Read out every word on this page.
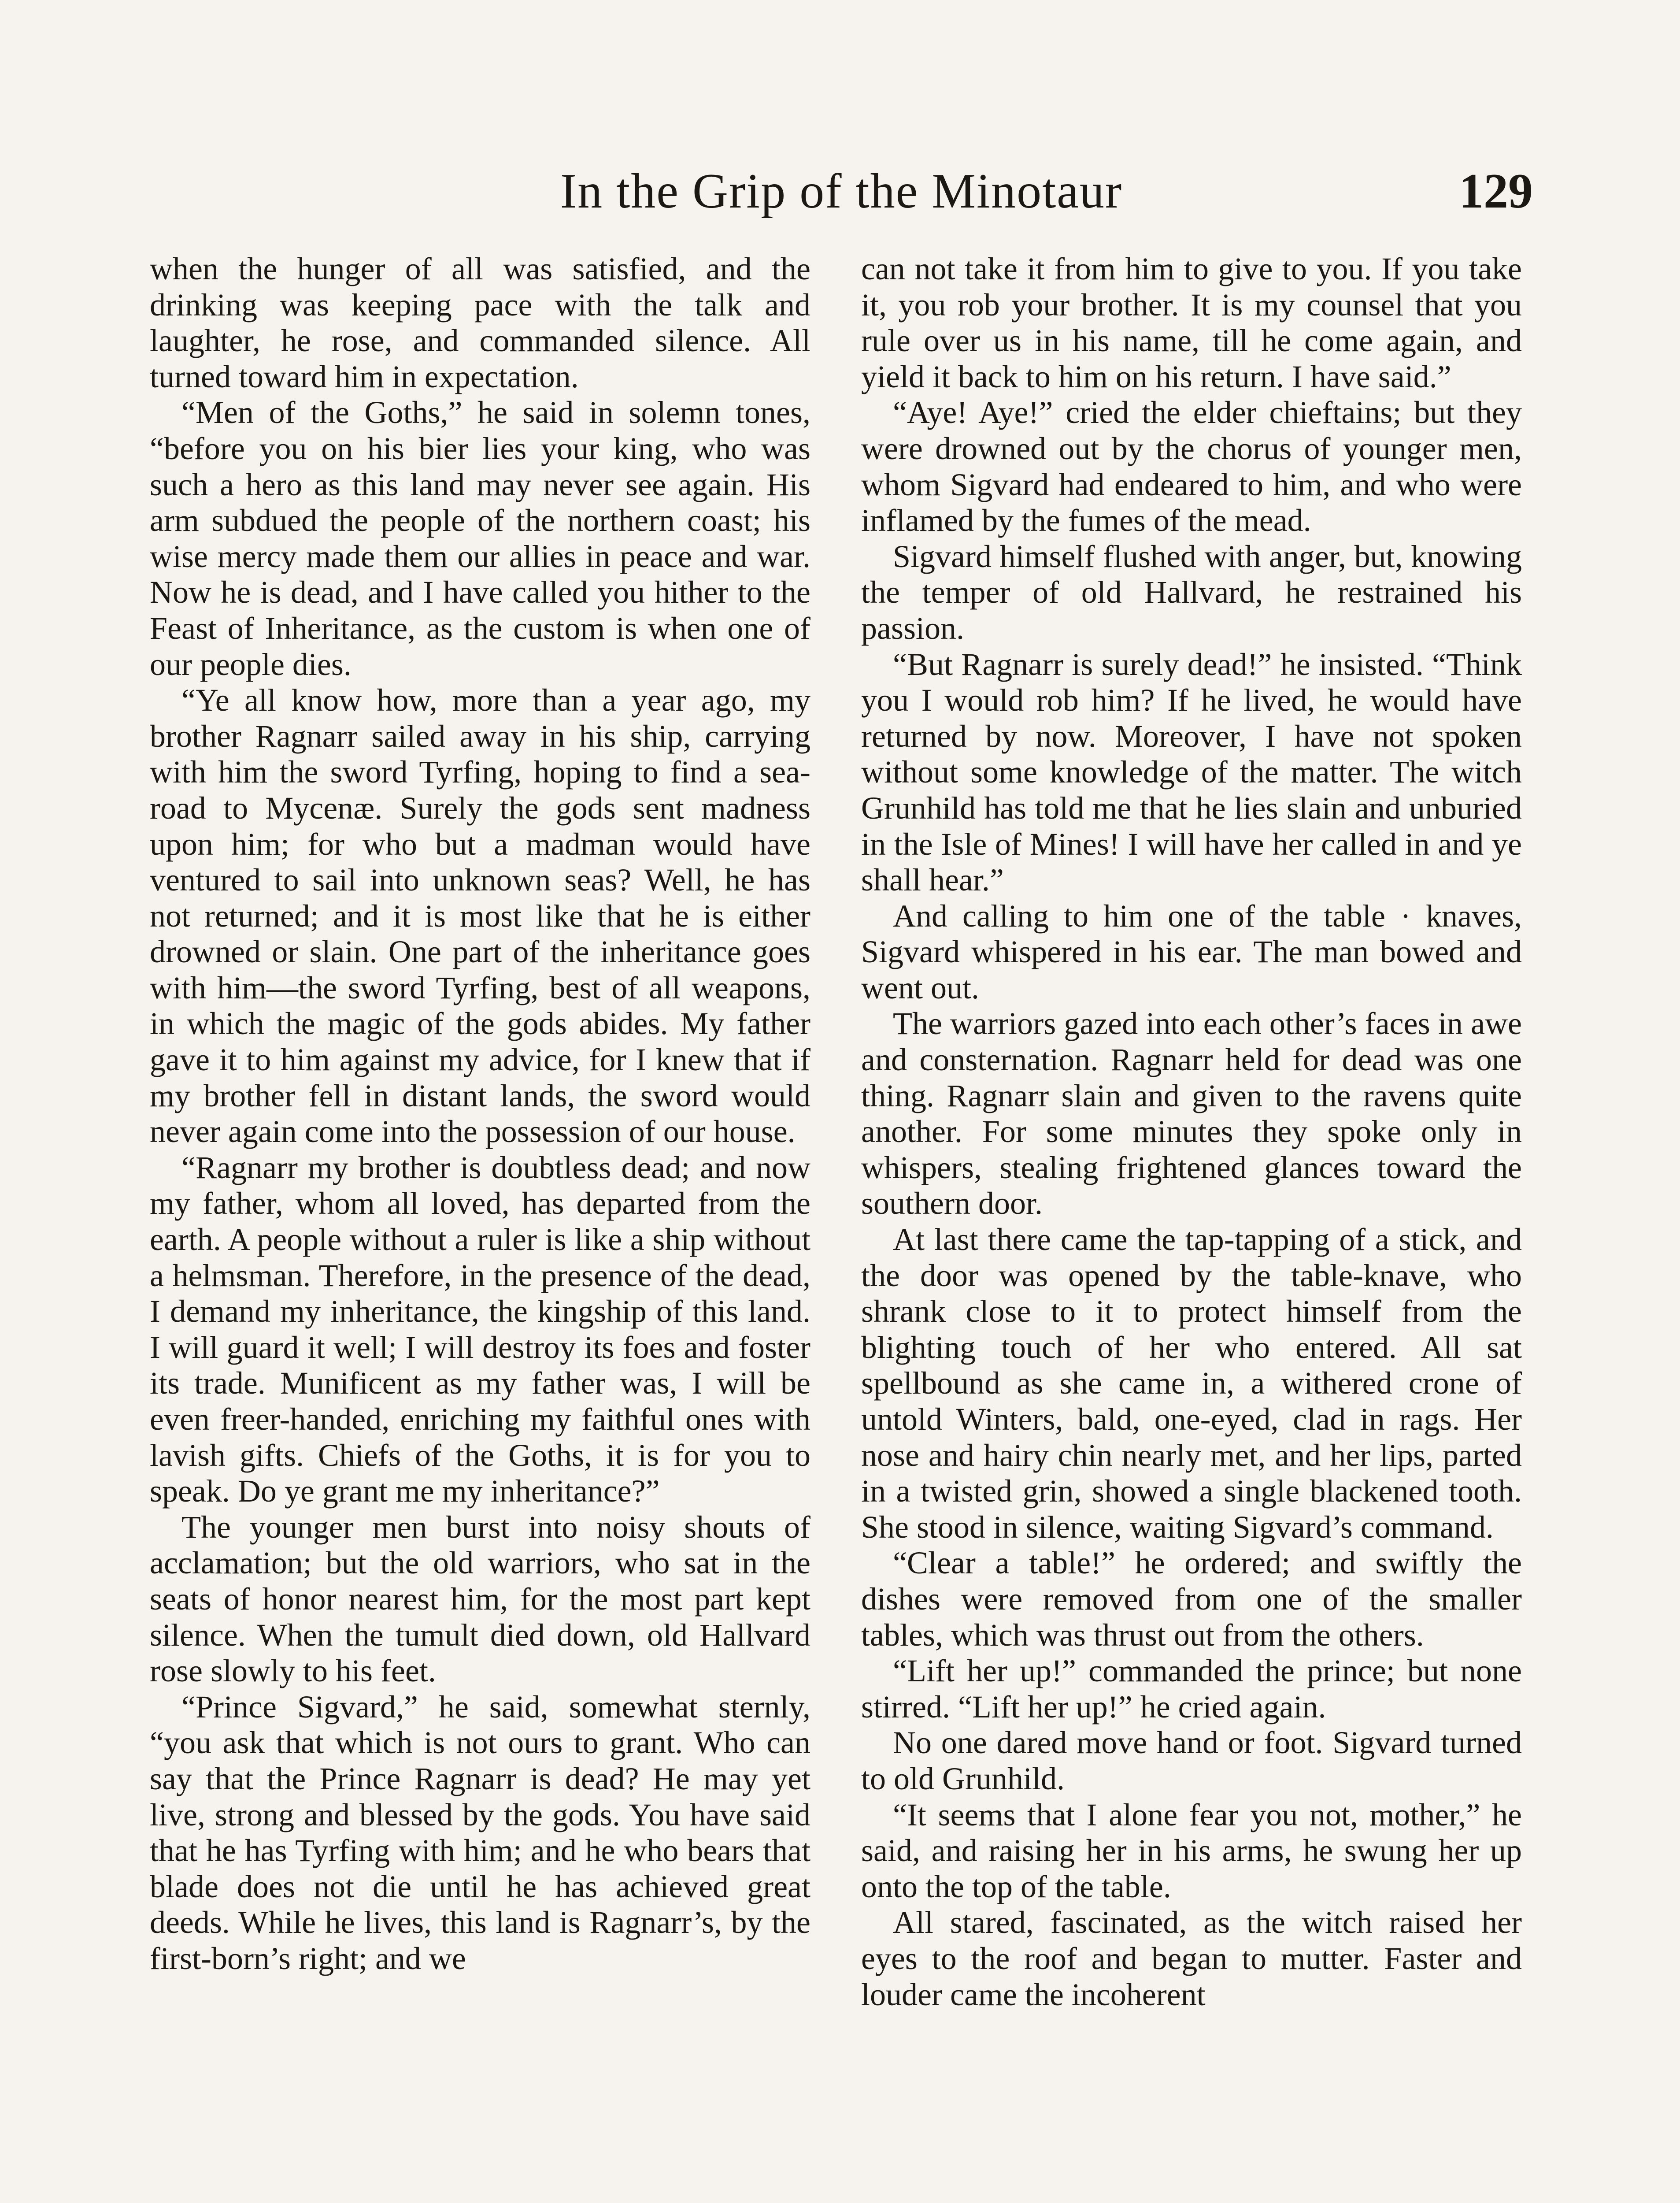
In the Grip of the Minotaur	129

when the hunger of all was satisfied, and the drinking was keeping pace with the talk and laughter, he rose, and commanded silence. All turned toward him in expectation.

“Men of the Goths,” he said in solemn tones, “before you on his bier lies your king, who was such a hero as this land may never see again. His arm subdued the people of the northern coast; his wise mercy made them our allies in peace and war. Now he is dead, and I have called you hither to the Feast of Inheritance, as the custom is when one of our people dies.

“Ye all know how, more than a year ago, my brother Ragnarr sailed away in his ship, carrying with him the sword Tyrfing, hoping to find a sea-road to Mycenæ. Surely the gods sent madness upon him; for who but a madman would have ventured to sail into unknown seas? Well, he has not returned; and it is most like that he is either drowned or slain. One part of the inheritance goes with him—the sword Tyrfing, best of all weapons, in which the magic of the gods abides. My father gave it to him against my advice, for I knew that if my brother fell in distant lands, the sword would never again come into the possession of our house.

“Ragnarr my brother is doubtless dead; and now my father, whom all loved, has departed from the earth. A people without a ruler is like a ship without a helmsman. Therefore, in the presence of the dead, I demand my inheritance, the kingship of this land. I will guard it well; I will destroy its foes and foster its trade. Munificent as my father was, I will be even freer-handed, enriching my faithful ones with lavish gifts. Chiefs of the Goths, it is for you to speak. Do ye grant me my inheritance?”

The younger men burst into noisy shouts of acclamation; but the old warriors, who sat in the seats of honor nearest him, for the most part kept silence. When the tumult died down, old Hallvard rose slowly to his feet.

“Prince Sigvard,” he said, somewhat sternly, “you ask that which is not ours to grant. Who can say that the Prince Ragnarr is dead? He may yet live, strong and blessed by the gods. You have said that he has Tyrfing with him; and he who bears that blade does not die until he has achieved great deeds. While he lives, this land is Ragnarr’s, by the first-born’s right; and we

can not take it from him to give to you. If you take it, you rob your brother. It is my counsel that you rule over us in his name, till he come again, and yield it back to him on his return. I have said.”

“Aye! Aye!” cried the elder chieftains; but they were drowned out by the chorus of younger men, whom Sigvard had endeared to him, and who were inflamed by the fumes of the mead.

Sigvard himself flushed with anger, but, knowing the temper of old Hallvard, he restrained his passion.

“But Ragnarr is surely dead!” he insisted. “Think you I would rob him? If he lived, he would have returned by now. Moreover, I have not spoken without some knowledge of the matter. The witch Grunhild has told me that he lies slain and unburied in the Isle of Mines! I will have her called in and ye shall hear.”

And calling to him one of the table · knaves, Sigvard whispered in his ear. The man bowed and went out.

The warriors gazed into each other’s faces in awe and consternation. Ragnarr held for dead was one thing. Ragnarr slain and given to the ravens quite another. For some minutes they spoke only in whispers, stealing frightened glances toward the southern door.

At last there came the tap-tapping of a stick, and the door was opened by the table-knave, who shrank close to it to protect himself from the blighting touch of her who entered. All sat spellbound as she came in, a withered crone of untold Winters, bald, one-eyed, clad in rags. Her nose and hairy chin nearly met, and her lips, parted in a twisted grin, showed a single blackened tooth. She stood in silence, waiting Sigvard’s command.

“Clear a table!” he ordered; and swiftly the dishes were removed from one of the smaller tables, which was thrust out from the others.

“Lift her up!” commanded the prince; but none stirred. “Lift her up!” he cried again.

No one dared move hand or foot. Sigvard turned to old Grunhild.

“It seems that I alone fear you not, mother,” he said, and raising her in his arms, he swung her up onto the top of the table.

All stared, fascinated, as the witch raised her eyes to the roof and began to mutter. Faster and louder came the incoherent
